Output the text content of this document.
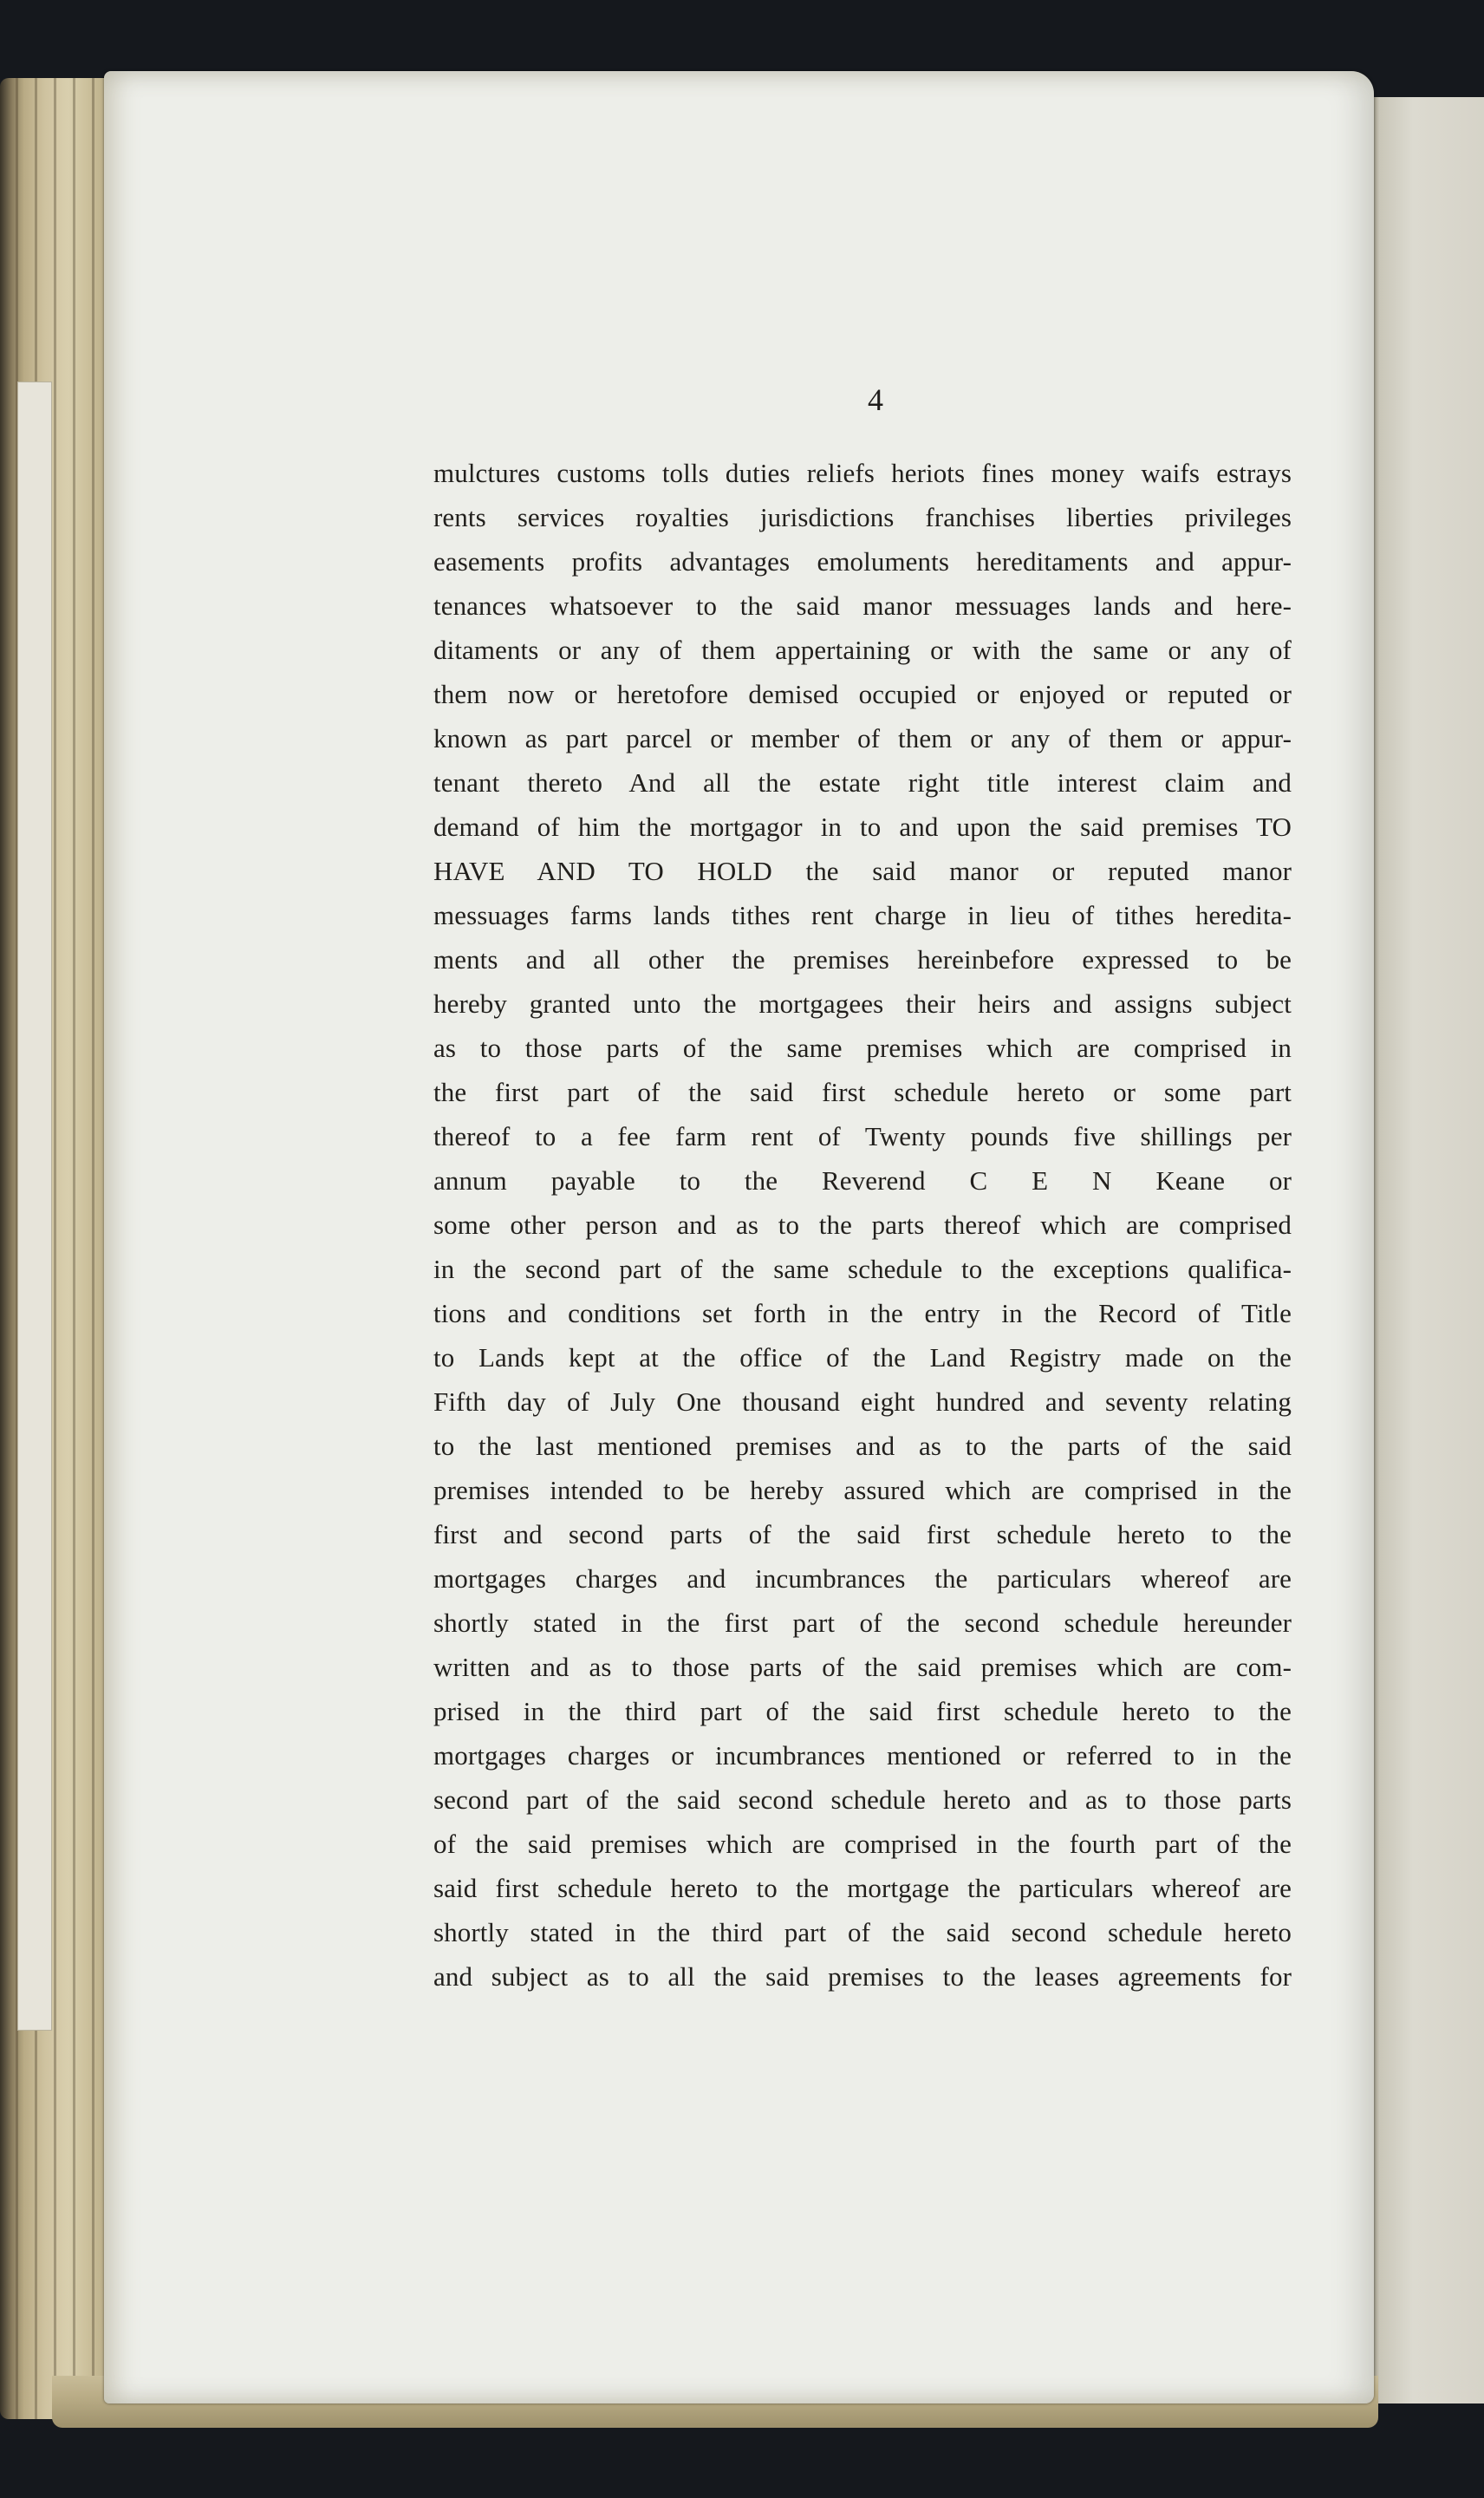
4
mulctures customs tolls duties reliefs heriots fines money waifs estrays
rents services royalties jurisdictions franchises liberties privileges
easements profits advantages emoluments hereditaments and appur-
tenances whatsoever to the said manor messuages lands and here-
ditaments or any of them appertaining or with the same or any of
them now or heretofore demised occupied or enjoyed or reputed or
known as part parcel or member of them or any of them or appur-
tenant thereto And all the estate right title interest claim and
demand of him the mortgagor in to and upon the said premises TO
HAVE AND TO HOLD the said manor or reputed manor
messuages farms lands tithes rent charge in lieu of tithes heredita-
ments and all other the premises hereinbefore expressed to be
hereby granted unto the mortgagees their heirs and assigns subject
as to those parts of the same premises which are comprised in
the first part of the said first schedule hereto or some part
thereof to a fee farm rent of Twenty pounds five shillings per
annum payable to the Reverend C E N Keane or
some other person and as to the parts thereof which are comprised
in the second part of the same schedule to the exceptions qualifica-
tions and conditions set forth in the entry in the Record of Title
to Lands kept at the office of the Land Registry made on the
Fifth day of July One thousand eight hundred and seventy relating
to the last mentioned premises and as to the parts of the said
premises intended to be hereby assured which are comprised in the
first and second parts of the said first schedule hereto to the
mortgages charges and incumbrances the particulars whereof are
shortly stated in the first part of the second schedule hereunder
written and as to those parts of the said premises which are com-
prised in the third part of the said first schedule hereto to the
mortgages charges or incumbrances mentioned or referred to in the
second part of the said second schedule hereto and as to those parts
of the said premises which are comprised in the fourth part of the
said first schedule hereto to the mortgage the particulars whereof are
shortly stated in the third part of the said second schedule hereto
and subject as to all the said premises to the leases agreements for
